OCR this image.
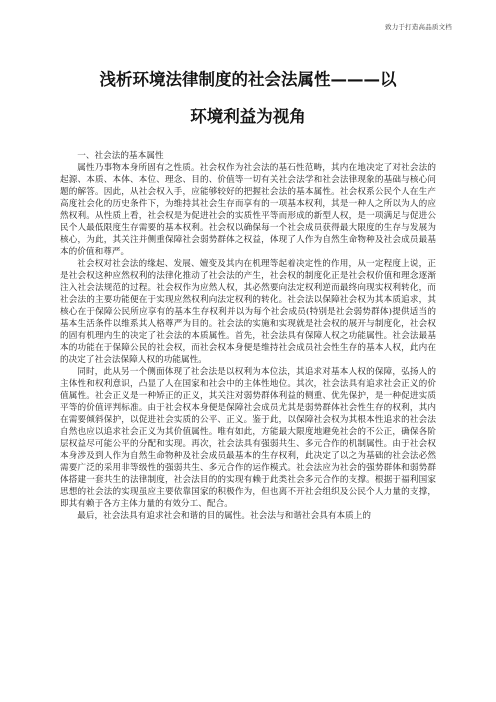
致力于打造高品质文档
浅析环境法律制度的社会法属性———以
环境利益为视角

一、社会法的基本属性

属性乃事物本身所固有之性质。社会权作为社会法的基石性范畴，其内在地决定了对社会法的起源、本质、本体、本位、理念、目的、价值等一切有关社会法学和社会法律现象的基础与核心问题的解答。因此，从社会权入手，应能够较好的把握社会法的基本属性。社会权系公民个人在生产高度社会化的历史条件下，为维持其社会生存而享有的一项基本权利，其是一种人之所以为人的应然权利。从性质上看，社会权是为促进社会的实质性平等而形成的新型人权，是一项满足与促进公民个人最低限度生存需要的基本权利。社会权以确保每一个社会成员获得最大限度的生存与发展为核心，为此，其关注并侧重保障社会弱势群体之权益，体现了人作为自然生命物种及社会成员最基本的价值和尊严。

社会权对社会法的缘起、发展、嬗变及其内在机理等起着决定性的作用，从一定程度上说，正是社会权这种应然权利的法律化推动了社会法的产生，社会权的制度化正是社会权价值和理念逐渐注入社会法规范的过程。社会权作为应然人权，其必然要向法定权利逆而最终向现实权利转化，而社会法的主要功能便在于实现应然权利向法定权利的转化。社会法以保障社会权为其本质追求，其核心在于保障公民所应享有的基本生存权利并以为每个社会成员(特别是社会弱势群体)提供适当的基本生活条件以维系其人格尊严为目的。社会法的实施和实现就是社会权的展开与制度化，社会权的固有机理内生的决定了社会法的本质属性。首先，社会法具有保障人权之功能属性。社会法最基本的功能在于保障公民的社会权，而社会权本身便是维持社会成员社会性生存的基本人权，此内在的决定了社会法保障人权的功能属性。

同时，此从另一个侧面体现了社会法是以权利为本位法，其追求对基本人权的保障，弘扬人的主体性和权利意识，凸显了人在国家和社会中的主体性地位。其次，社会法具有追求社会正义的价值属性。社会正义是一种矫正的正义，其关注对弱势群体利益的侧重、优先保护，是一种促进实质平等的价值评判标准。由于社会权本身便是保障社会成员尤其是弱势群体社会性生存的权利，其内在需要倾斜保护，以促进社会实质的公平、正义。鉴于此，以保障社会权为其根本性追求的社会法自然也应以追求社会正义为其价值属性。唯有如此，方能最大限度地避免社会的不公正，确保各阶层权益尽可能公平的分配和实现。再次，社会法具有强弱共生、多元合作的机制属性。由于社会权本身涉及到人作为自然生命物种及社会成员最基本的生存权利，此决定了以之为基础的社会法必然需要广泛的采用非等级性的强弱共生、多元合作的运作模式。社会法应为社会的强势群体和弱势群体搭建一套共生的法律制度，社会法目的的实现有赖于此类社会多元合作的支撑。根据于福利国家思想的社会法的实现虽应主要依靠国家的积极作为，但也离不开社会组织及公民个人力量的支撑，即其有赖于各方主体力量的有效分工、配合。

最后，社会法具有追求社会和谐的目的属性。社会法与和谐社会具有本质上的
